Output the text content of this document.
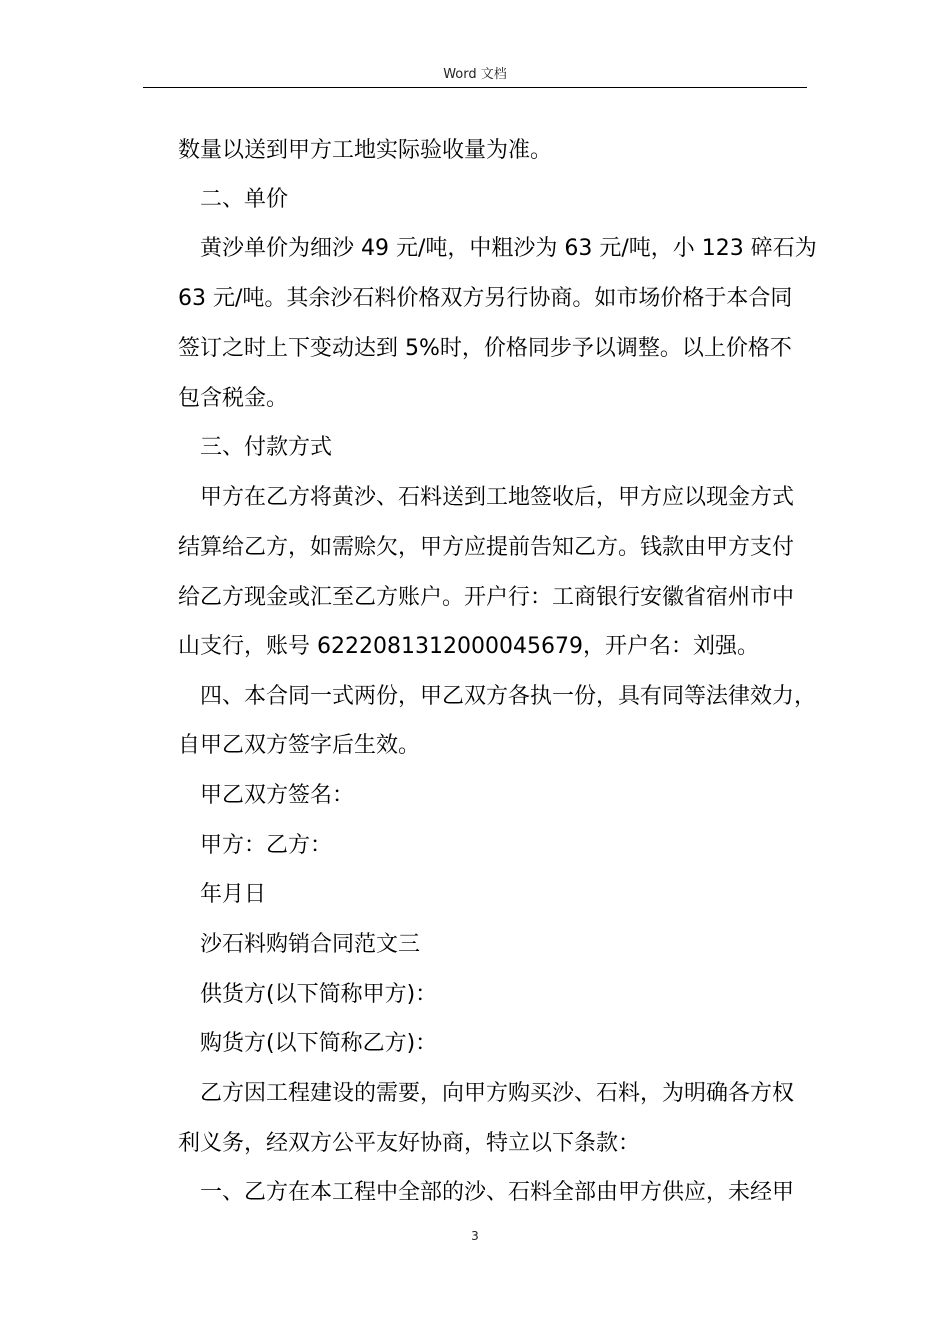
Word 文档
数量以送到甲方工地实际验收量为准。
二、单价
黄沙单价为细沙 49 元/吨，中粗沙为 63 元/吨，小 123 碎石为
63 元/吨。其余沙石料价格双方另行协商。如市场价格于本合同
签订之时上下变动达到 5%时，价格同步予以调整。以上价格不
包含税金。
三、付款方式
甲方在乙方将黄沙、石料送到工地签收后，甲方应以现金方式
结算给乙方，如需赊欠，甲方应提前告知乙方。钱款由甲方支付
给乙方现金或汇至乙方账户。开户行：工商银行安徽省宿州市中
山支行，账号 6222081312000045679，开户名：刘强。
四、本合同一式两份，甲乙双方各执一份，具有同等法律效力，
自甲乙双方签字后生效。
甲乙双方签名：
甲方：乙方：
年月日
沙石料购销合同范文三
供货方(以下简称甲方)：
购货方(以下简称乙方)：
乙方因工程建设的需要，向甲方购买沙、石料，为明确各方权
利义务，经双方公平友好协商，特立以下条款：
一、乙方在本工程中全部的沙、石料全部由甲方供应，未经甲
3
